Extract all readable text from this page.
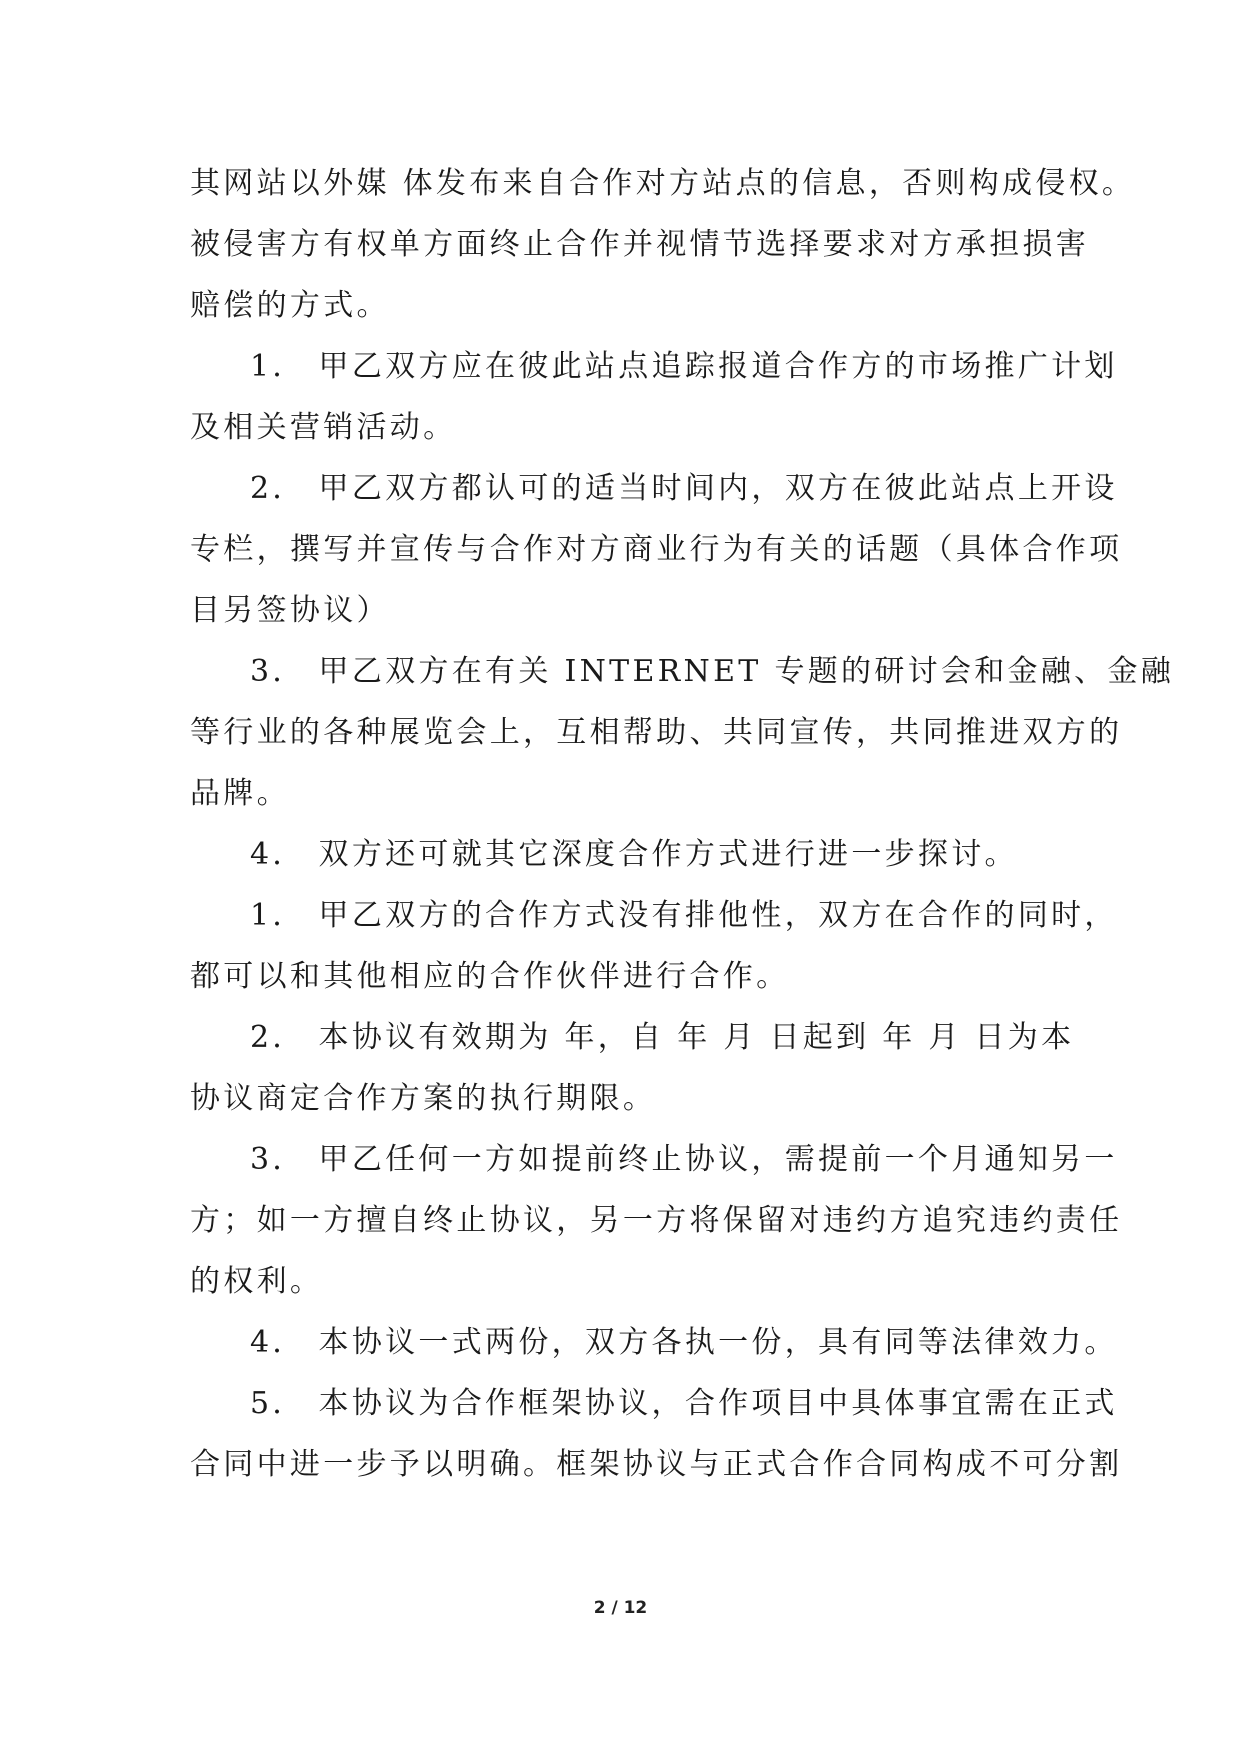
其网站以外媒 体发布来自合作对方站点的信息，否则构成侵权。
被侵害方有权单方面终止合作并视情节选择要求对方承担损害
赔偿的方式。
1． 甲乙双方应在彼此站点追踪报道合作方的市场推广计划
及相关营销活动。
2． 甲乙双方都认可的适当时间内，双方在彼此站点上开设
专栏，撰写并宣传与合作对方商业行为有关的话题（具体合作项
目另签协议）
3． 甲乙双方在有关 INTERNET 专题的研讨会和金融、金融
等行业的各种展览会上，互相帮助、共同宣传，共同推进双方的
品牌。
4． 双方还可就其它深度合作方式进行进一步探讨。
1． 甲乙双方的合作方式没有排他性，双方在合作的同时，
都可以和其他相应的合作伙伴进行合作。
2． 本协议有效期为 年，自 年 月 日起到 年 月 日为本
协议商定合作方案的执行期限。
3． 甲乙任何一方如提前终止协议，需提前一个月通知另一
方；如一方擅自终止协议，另一方将保留对违约方追究违约责任
的权利。
4． 本协议一式两份，双方各执一份，具有同等法律效力。
5． 本协议为合作框架协议，合作项目中具体事宜需在正式
合同中进一步予以明确。框架协议与正式合作合同构成不可分割
2 / 12
